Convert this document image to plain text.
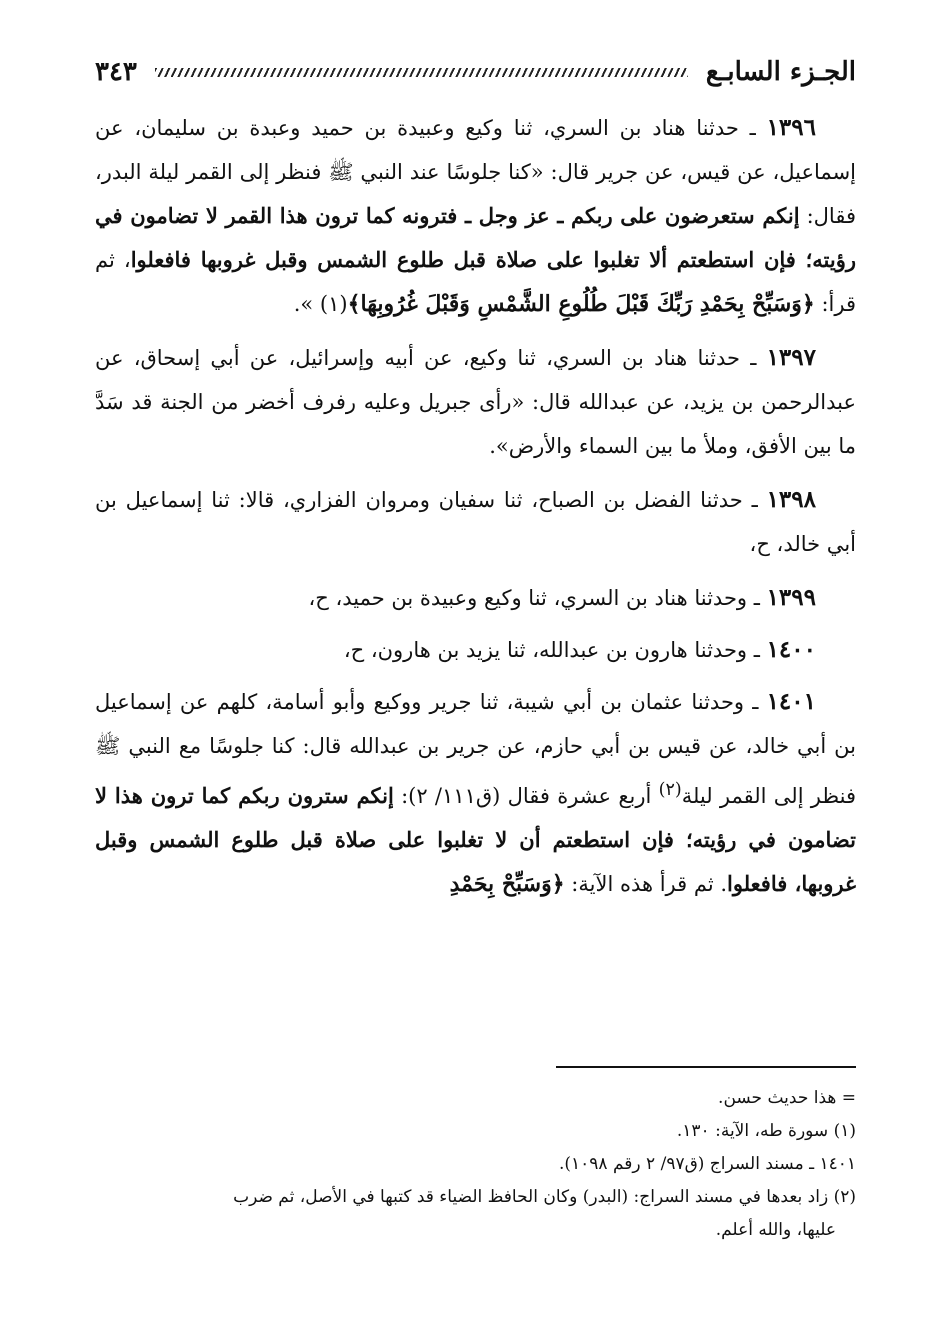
الجـزء السابـع
٣٤٣

١٣٩٦ ـ حدثنا هناد بن السري، ثنا وكيع وعبيدة بن حميد وعبدة بن سليمان، عن إسماعيل، عن قيس، عن جرير قال: «كنا جلوسًا عند النبي ﷺ فنظر إلى القمر ليلة البدر، فقال: إنكم ستعرضون على ربكم ـ عز وجل ـ فترونه كما ترون هذا القمر لا تضامون في رؤيته؛ فإن استطعتم ألا تغلبوا على صلاة قبل طلوع الشمس وقبل غروبها فافعلوا، ثم قرأ: ﴿وَسَبِّحْ بِحَمْدِ رَبِّكَ قَبْلَ طُلُوعِ الشَّمْسِ وَقَبْلَ غُرُوبِهَا﴾(١) ».

١٣٩٧ ـ حدثنا هناد بن السري، ثنا وكيع، عن أبيه وإسرائيل، عن أبي إسحاق، عن عبدالرحمن بن يزيد، عن عبدالله قال: «رأى جبريل وعليه رفرف أخضر من الجنة قد سَدَّ ما بين الأفق، وملأ ما بين السماء والأرض».

١٣٩٨ ـ حدثنا الفضل بن الصباح، ثنا سفيان ومروان الفزاري، قالا: ثنا إسماعيل بن أبي خالد، ح،

١٣٩٩ ـ وحدثنا هناد بن السري، ثنا وكيع وعبيدة بن حميد، ح،

١٤٠٠ ـ وحدثنا هارون بن عبدالله، ثنا يزيد بن هارون، ح،

١٤٠١ ـ وحدثنا عثمان بن أبي شيبة، ثنا جرير ووكيع وأبو أسامة، كلهم عن إسماعيل بن أبي خالد، عن قيس بن أبي حازم، عن جرير بن عبدالله قال: كنا جلوسًا مع النبي ﷺ فنظر إلى القمر ليلة$^{(٢)}$ أربع عشرة فقال (ق١١١/ ٢): إنكم سترون ربكم كما ترون هذا لا تضامون في رؤيته؛ فإن استطعتم أن لا تغلبوا على صلاة قبل طلوع الشمس وقبل غروبها، فافعلوا. ثم قرأ هذه الآية: ﴿وَسَبِّحْ بِحَمْدِ

= هذا حديث حسن.

(١) سورة طه، الآية: ١٣٠.

١٤٠١ ـ مسند السراج (ق٩٧/ ٢ رقم ١٠٩٨).

(٢) زاد بعدها في مسند السراج: (البدر) وكان الحافظ الضياء قد كتبها في الأصل، ثم ضرب

عليها، والله أعلم.
